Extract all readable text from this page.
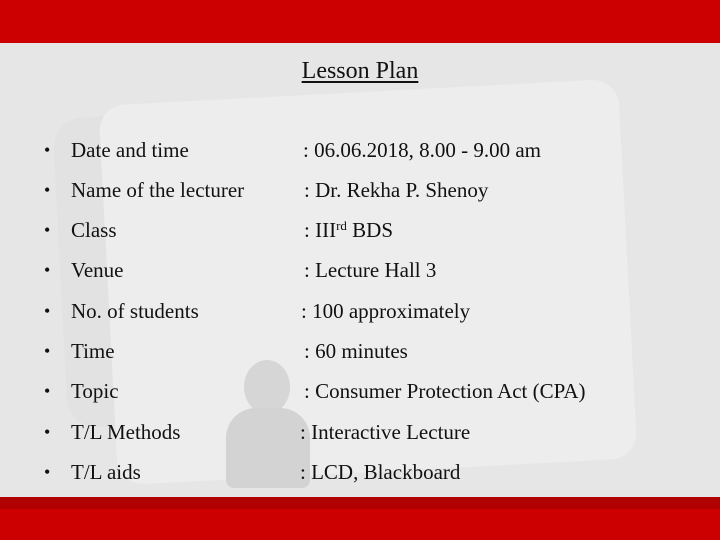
Lesson Plan
• Date and time	: 06.06.2018, 8.00 - 9.00 am
• Name of the lecturer	: Dr. Rekha P. Shenoy
• Class	: IIIrd BDS
• Venue	: Lecture Hall 3
• No. of students	: 100 approximately
• Time	: 60 minutes
• Topic	: Consumer Protection Act (CPA)
• T/L Methods	: Interactive Lecture
• T/L aids	: LCD, Blackboard
